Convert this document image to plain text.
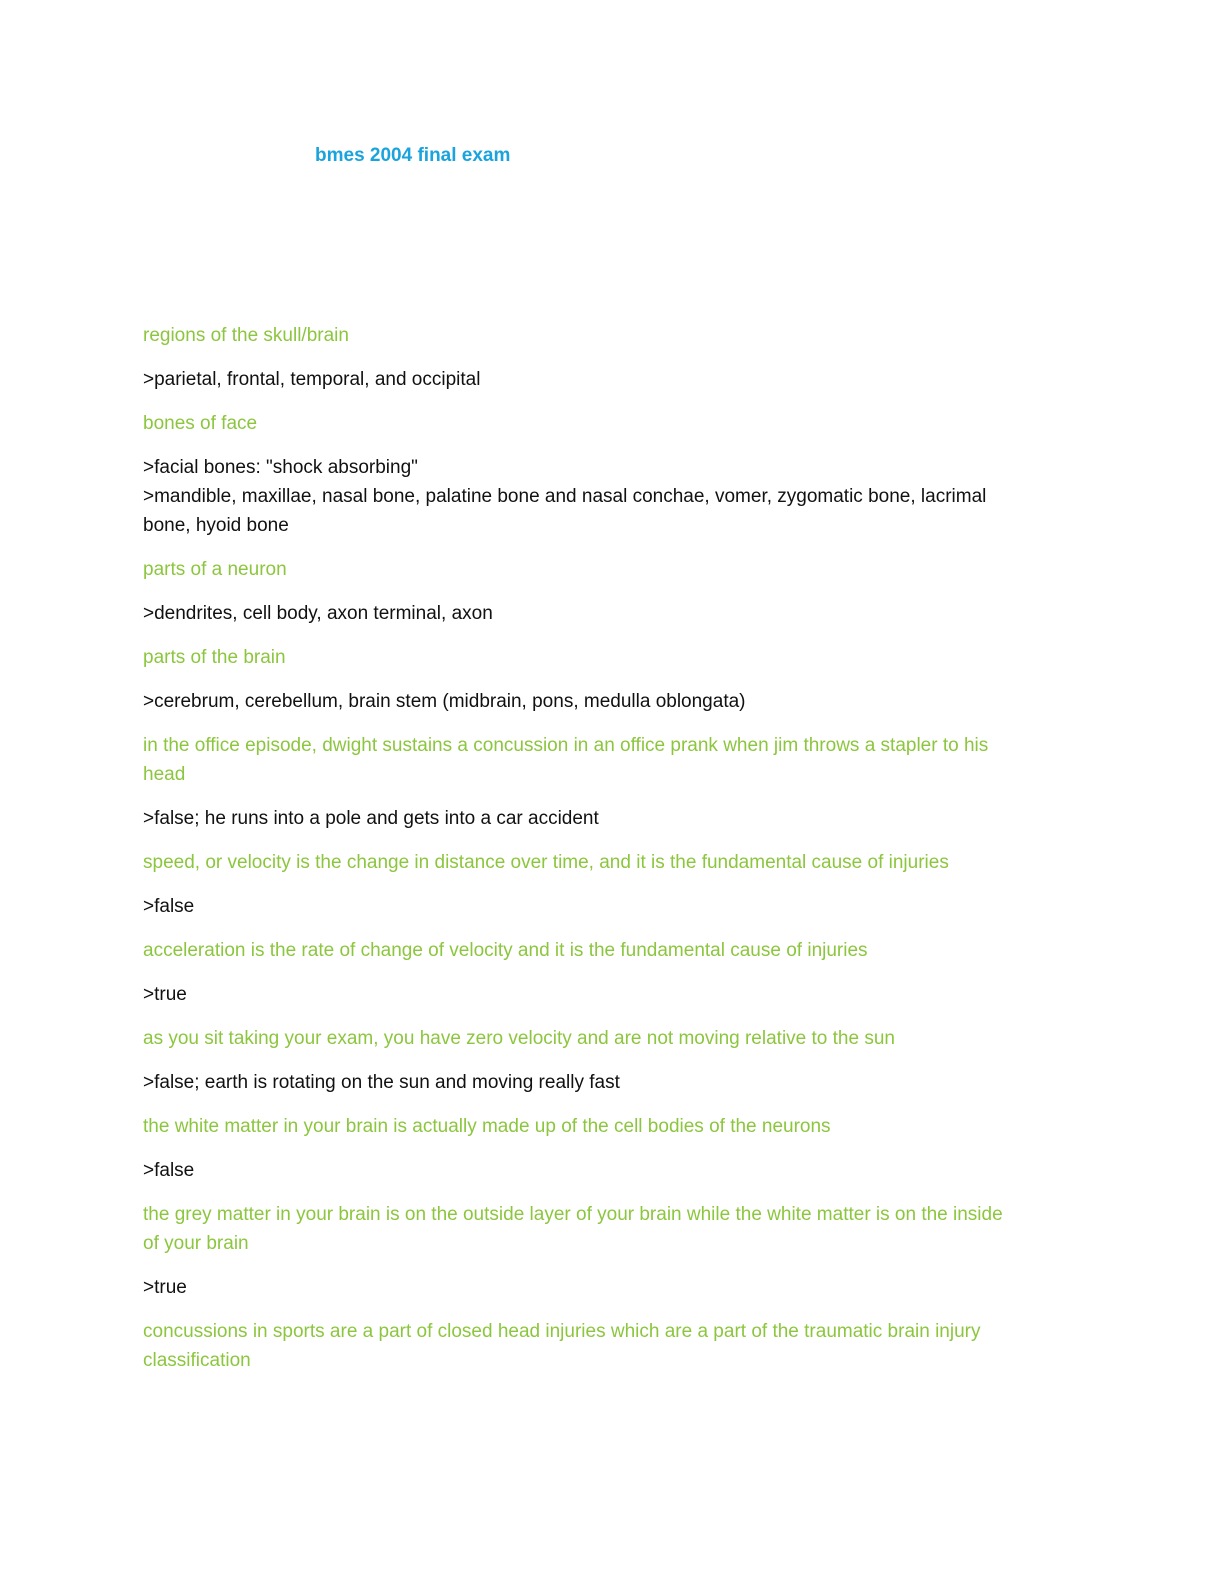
bmes 2004 final exam
regions of the skull/brain
>parietal, frontal, temporal, and occipital
bones of face
>facial bones: "shock absorbing"
>mandible, maxillae, nasal bone, palatine bone and nasal conchae, vomer, zygomatic bone, lacrimal
bone, hyoid bone
parts of a neuron
>dendrites, cell body, axon terminal, axon
parts of the brain
>cerebrum, cerebellum, brain stem (midbrain, pons, medulla oblongata)
in the office episode, dwight sustains a concussion in an office prank when jim throws a stapler to his
head
>false; he runs into a pole and gets into a car accident
speed, or velocity is the change in distance over time, and it is the fundamental cause of injuries
>false
acceleration is the rate of change of velocity and it is the fundamental cause of injuries
>true
as you sit taking your exam, you have zero velocity and are not moving relative to the sun
>false; earth is rotating on the sun and moving really fast
the white matter in your brain is actually made up of the cell bodies of the neurons
>false
the grey matter in your brain is on the outside layer of your brain while the white matter is on the inside
of your brain
>true
concussions in sports are a part of closed head injuries which are a part of the traumatic brain injury
classification
